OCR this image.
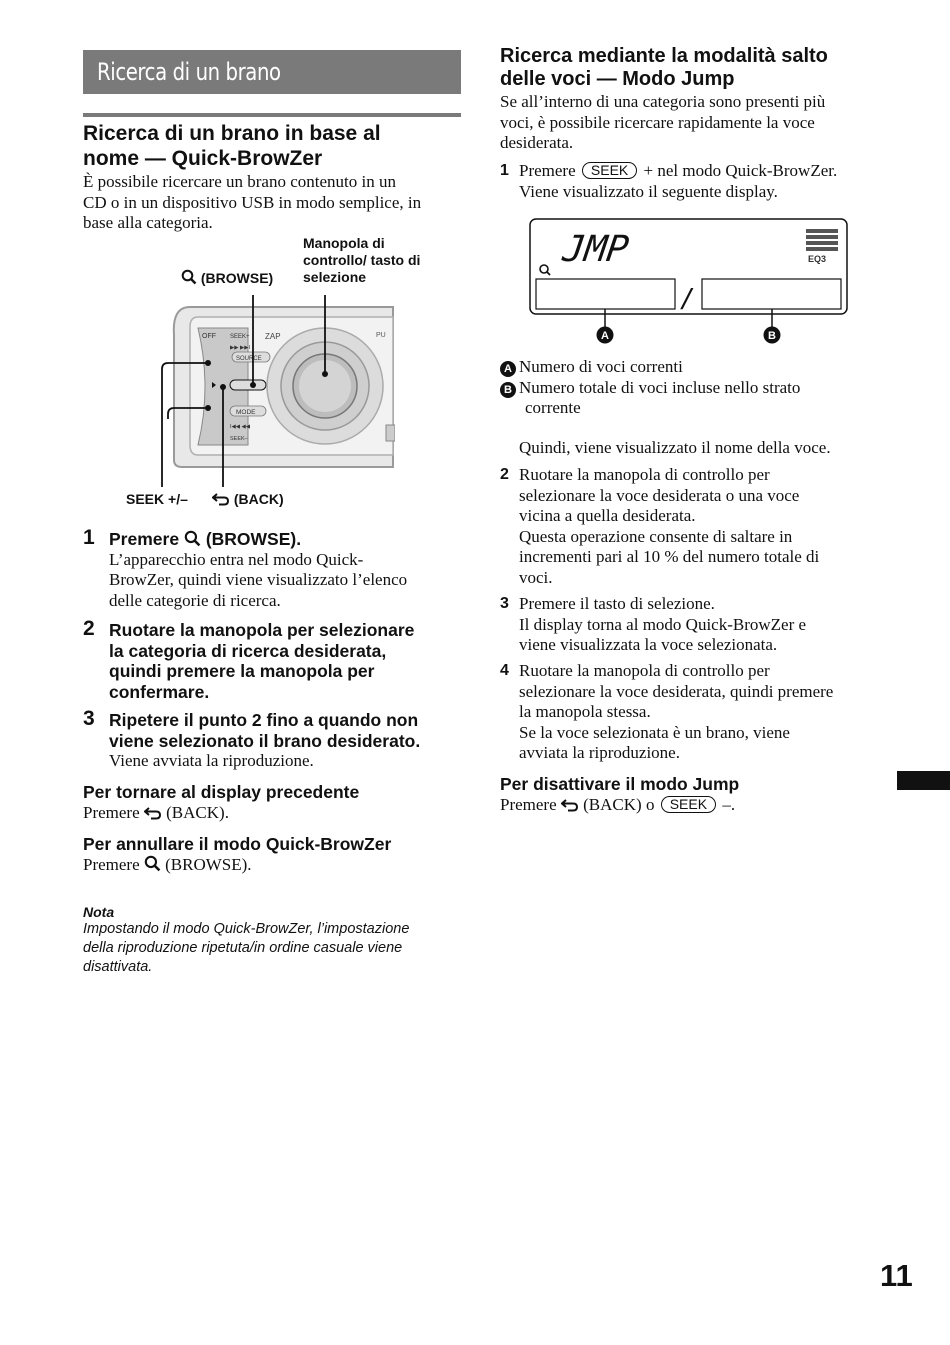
Ricerca di un brano
Ricerca di un brano in base al
nome — Quick-BrowZer
È possibile ricercare un brano contenuto in un
CD o in un dispositivo USB in modo semplice, in
base alla categoria.
Manopola di
controllo/ tasto di
selezione
(BROWSE)
OFF SEEK+ ZAP
▶▶ ▶▶I
SOURCE
MODE
I◀◀ ◀◀
SEEK–
PU
SEEK +/–	(BACK)
1 Premere (BROWSE).
L’apparecchio entra nel modo Quick-
BrowZer, quindi viene visualizzato l’elenco
delle categorie di ricerca.
2 Ruotare la manopola per selezionare
la categoria di ricerca desiderata,
quindi premere la manopola per
confermare.
3 Ripetere il punto 2 fino a quando non
viene selezionato il brano desiderato.
Viene avviata la riproduzione.
Per tornare al display precedente
Premere (BACK).
Per annullare il modo Quick-BrowZer
Premere (BROWSE).
Nota
Impostando il modo Quick-BrowZer, l’impostazione
della riproduzione ripetuta/in ordine casuale viene
disattivata.
Ricerca mediante la modalità salto
delle voci — Modo Jump
Se all’interno di una categoria sono presenti più
voci, è possibile ricercare rapidamente la voce
desiderata.
1 Premere SEEK + nel modo Quick-BrowZer.
Viene visualizzato il seguente display.
JMP	EQ3
/
A	B
A Numero di voci correnti
B Numero totale di voci incluse nello strato
corrente
Quindi, viene visualizzato il nome della voce.
2 Ruotare la manopola di controllo per
selezionare la voce desiderata o una voce
vicina a quella desiderata.
Questa operazione consente di saltare in
incrementi pari al 10 % del numero totale di
voci.
3 Premere il tasto di selezione.
Il display torna al modo Quick-BrowZer e
viene visualizzata la voce selezionata.
4 Ruotare la manopola di controllo per
selezionare la voce desiderata, quindi premere
la manopola stessa.
Se la voce selezionata è un brano, viene
avviata la riproduzione.
Per disattivare il modo Jump
Premere (BACK) o SEEK –.
11
